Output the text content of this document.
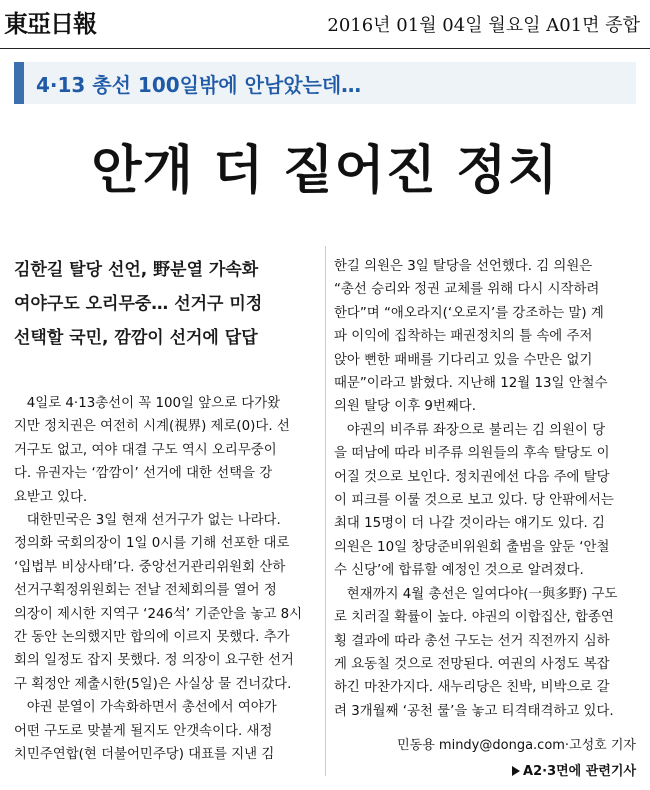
東亞日報	2016년 01월 04일 월요일 A01면 종합
4·13 총선 100일밖에 안남았는데…
안개 더 짙어진 정치
김한길 탈당 선언, 野분열 가속화
여야구도 오리무중… 선거구 미정
선택할 국민, 깜깜이 선거에 답답
4일로 4·13총선이 꼭 100일 앞으로 다가왔
지만 정치권은 여전히 시계(視界) 제로(0)다. 선
거구도 없고, 여야 대결 구도 역시 오리무중이
다. 유권자는 ‘깜깜이’ 선거에 대한 선택을 강
요받고 있다.
대한민국은 3일 현재 선거구가 없는 나라다.
정의화 국회의장이 1일 0시를 기해 선포한 대로
‘입법부 비상사태’다. 중앙선거관리위원회 산하
선거구획정위원회는 전날 전체회의를 열어 정
의장이 제시한 지역구 ‘246석’ 기준안을 놓고 8시
간 동안 논의했지만 합의에 이르지 못했다. 추가
회의 일정도 잡지 못했다. 정 의장이 요구한 선거
구 획정안 제출시한(5일)은 사실상 물 건너갔다.
야권 분열이 가속화하면서 총선에서 여야가
어떤 구도로 맞붙게 될지도 안갯속이다. 새정
치민주연합(현 더불어민주당) 대표를 지낸 김
한길 의원은 3일 탈당을 선언했다. 김 의원은
“총선 승리와 정권 교체를 위해 다시 시작하려
한다”며 “애오라지(‘오로지’를 강조하는 말) 계
파 이익에 집착하는 패권정치의 틀 속에 주저
앉아 뻔한 패배를 기다리고 있을 수만은 없기
때문”이라고 밝혔다. 지난해 12월 13일 안철수
의원 탈당 이후 9번째다.
야권의 비주류 좌장으로 불리는 김 의원이 당
을 떠남에 따라 비주류 의원들의 후속 탈당도 이
어질 것으로 보인다. 정치권에선 다음 주에 탈당
이 피크를 이룰 것으로 보고 있다. 당 안팎에서는
최대 15명이 더 나갈 것이라는 얘기도 있다. 김
의원은 10일 창당준비위원회 출범을 앞둔 ‘안철
수 신당’에 합류할 예정인 것으로 알려졌다.
현재까지 4월 총선은 일여다야(一與多野) 구도
로 치러질 확률이 높다. 야권의 이합집산, 합종연
횡 결과에 따라 총선 구도는 선거 직전까지 심하
게 요동칠 것으로 전망된다. 여권의 사정도 복잡
하긴 마찬가지다. 새누리당은 친박, 비박으로 갈
려 3개월째 ‘공천 룰’을 놓고 티격태격하고 있다.
민동용 mindy@donga.com·고성호 기자
A2·3면에 관련기사
